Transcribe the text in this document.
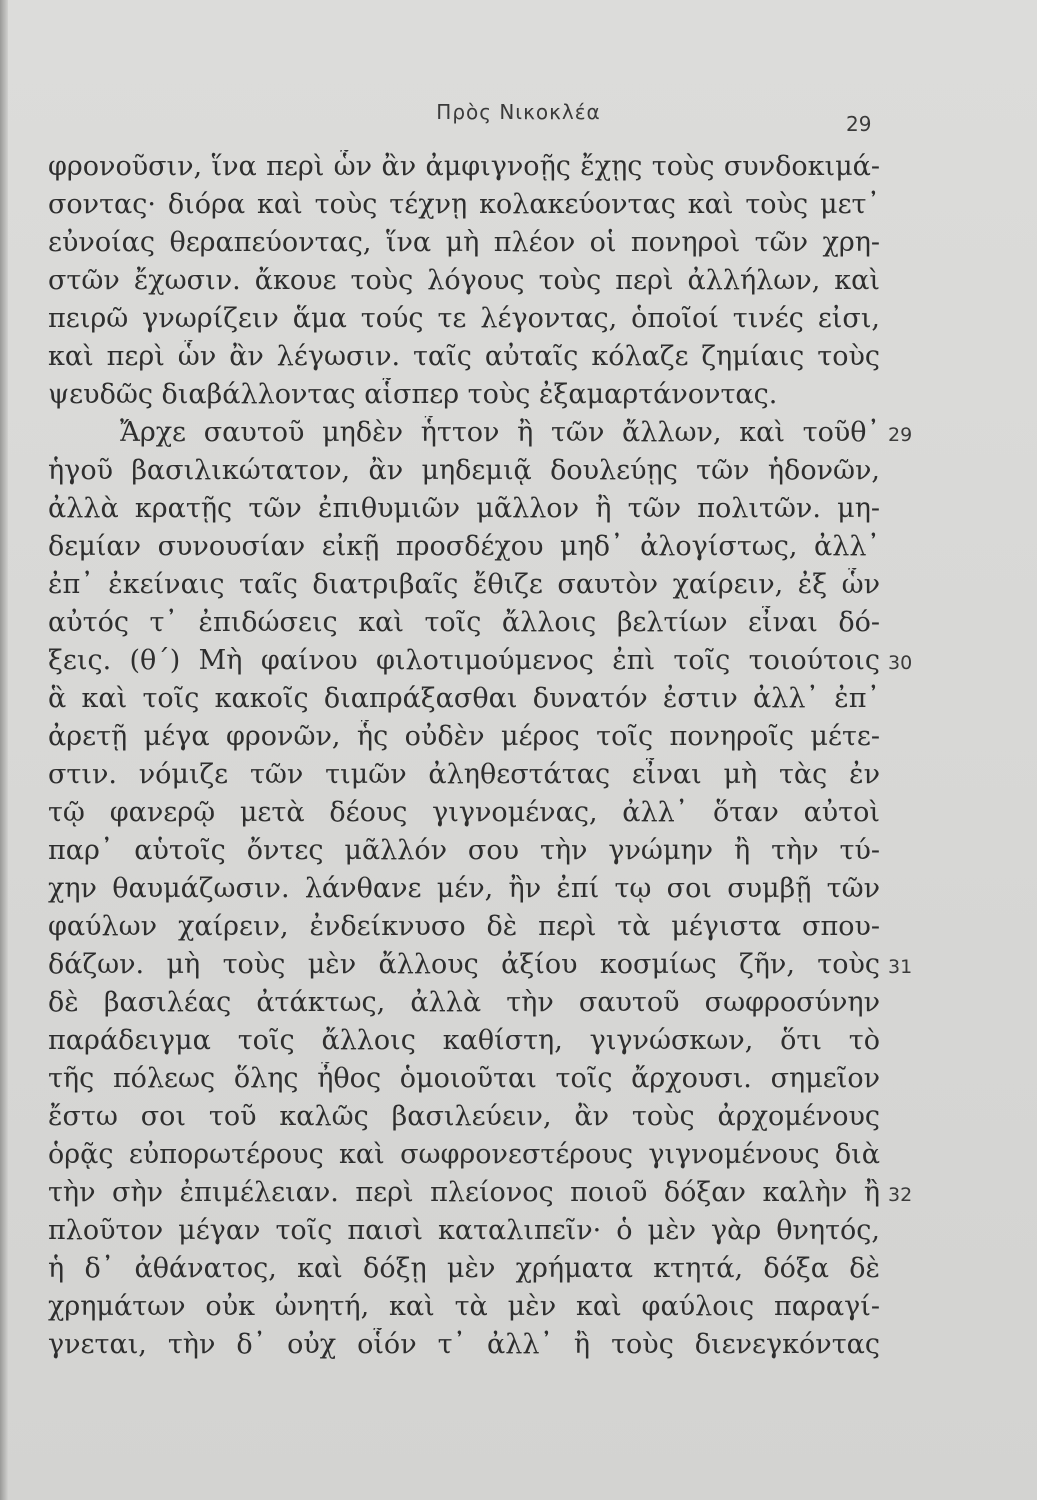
Πρὸς Νικοκλέα	29
φρονοῦσιν, ἵνα περὶ ὧν ἂν ἀμφιγνοῇς ἔχῃς τοὺς συνδοκιμά-
σοντας· διόρα καὶ τοὺς τέχνῃ κολακεύοντας καὶ τοὺς μετ᾿
εὐνοίας θεραπεύοντας, ἵνα μὴ πλέον οἱ πονηροὶ τῶν χρη-
στῶν ἔχωσιν. ἄκουε τοὺς λόγους τοὺς περὶ ἀλλήλων, καὶ
πειρῶ γνωρίζειν ἅμα τούς τε λέγοντας, ὁποῖοί τινές εἰσι,
καὶ περὶ ὧν ἂν λέγωσιν. ταῖς αὐταῖς κόλαζε ζημίαις τοὺς
ψευδῶς διαβάλλοντας αἷσπερ τοὺς ἐξαμαρτάνοντας.
Ἄρχε σαυτοῦ μηδὲν ἧττον ἢ τῶν ἄλλων, καὶ τοῦθ᾿
ἡγοῦ βασιλικώτατον, ἂν μηδεμιᾷ δουλεύῃς τῶν ἡδονῶν,
ἀλλὰ κρατῇς τῶν ἐπιθυμιῶν μᾶλλον ἢ τῶν πολιτῶν. μη-
δεμίαν συνουσίαν εἰκῇ προσδέχου μηδ᾿ ἀλογίστως, ἀλλ᾿
ἐπ᾿ ἐκείναις ταῖς διατριβαῖς ἔθιζε σαυτὸν χαίρειν, ἐξ ὧν
αὐτός τ᾿ ἐπιδώσεις καὶ τοῖς ἄλλοις βελτίων εἶναι δό-
ξεις. (θ΄) Μὴ φαίνου φιλοτιμούμενος ἐπὶ τοῖς τοιούτοις
ἃ καὶ τοῖς κακοῖς διαπράξασθαι δυνατόν ἐστιν ἀλλ᾿ ἐπ᾿
ἀρετῇ μέγα φρονῶν, ἧς οὐδὲν μέρος τοῖς πονηροῖς μέτε-
στιν. νόμιζε τῶν τιμῶν ἀληθεστάτας εἶναι μὴ τὰς ἐν
τῷ φανερῷ μετὰ δέους γιγνομένας, ἀλλ᾿ ὅταν αὐτοὶ
παρ᾿ αὑτοῖς ὄντες μᾶλλόν σου τὴν γνώμην ἢ τὴν τύ-
χην θαυμάζωσιν. λάνθανε μέν, ἢν ἐπί τῳ σοι συμβῇ τῶν
φαύλων χαίρειν, ἐνδείκνυσο δὲ περὶ τὰ μέγιστα σπου-
δάζων. μὴ τοὺς μὲν ἄλλους ἀξίου κοσμίως ζῆν, τοὺς
δὲ βασιλέας ἀτάκτως, ἀλλὰ τὴν σαυτοῦ σωφροσύνην
παράδειγμα τοῖς ἄλλοις καθίστη, γιγνώσκων, ὅτι τὸ
τῆς πόλεως ὅλης ἦθος ὁμοιοῦται τοῖς ἄρχουσι. σημεῖον
ἔστω σοι τοῦ καλῶς βασιλεύειν, ἂν τοὺς ἀρχομένους
ὁρᾷς εὐπορωτέρους καὶ σωφρονεστέρους γιγνομένους διὰ
τὴν σὴν ἐπιμέλειαν. περὶ πλείονος ποιοῦ δόξαν καλὴν ἢ
πλοῦτον μέγαν τοῖς παισὶ καταλιπεῖν· ὁ μὲν γὰρ θνητός,
ἡ δ᾿ ἀθάνατος, καὶ δόξῃ μὲν χρήματα κτητά, δόξα δὲ
χρημάτων οὐκ ὠνητή, καὶ τὰ μὲν καὶ φαύλοις παραγί-
γνεται, τὴν δ᾿ οὐχ οἷόν τ᾿ ἀλλ᾿ ἢ τοὺς διενεγκόντας
29
30
31
32
